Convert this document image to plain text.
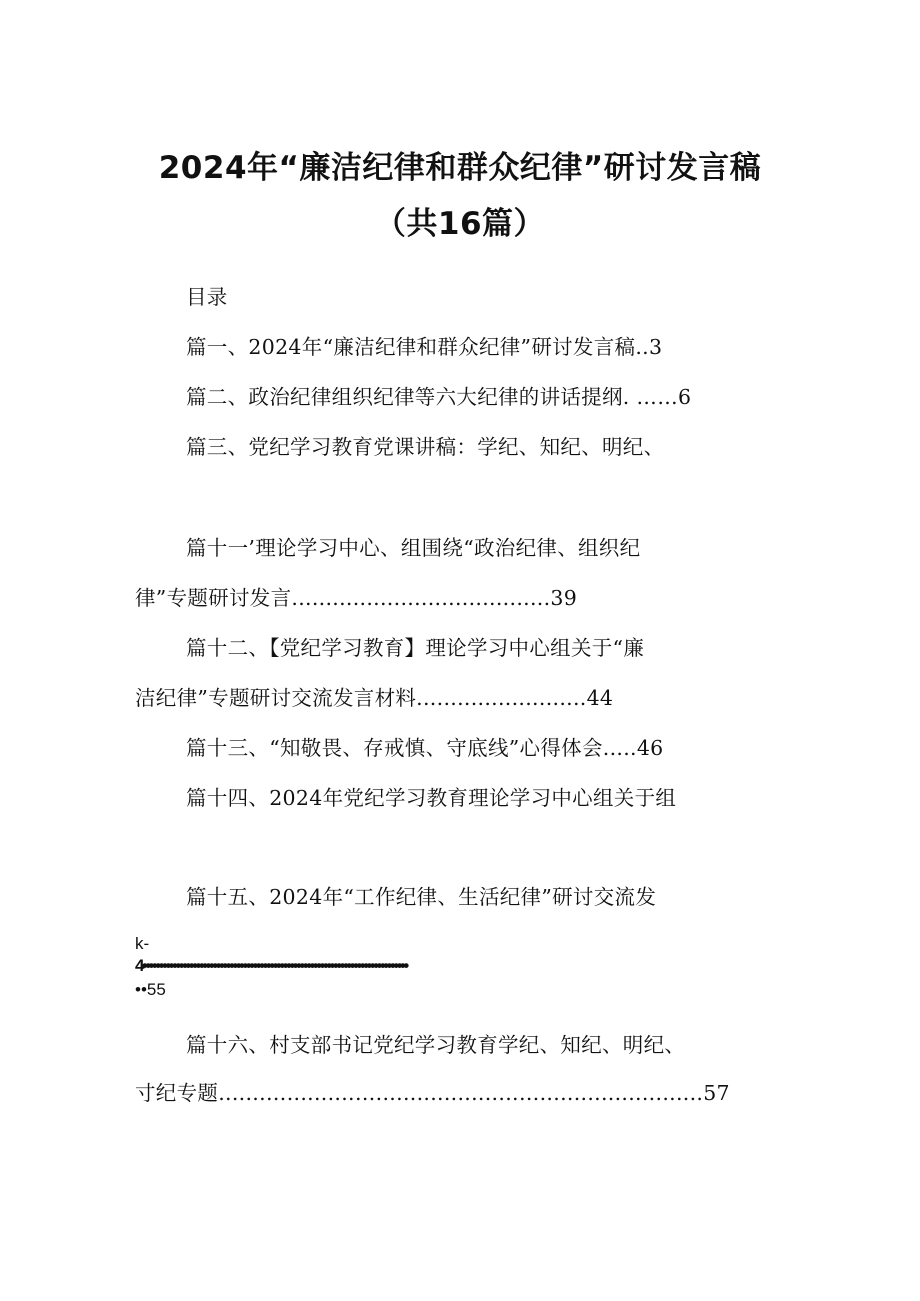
2024年“廉洁纪律和群众纪律”研讨发言稿
（共16篇）

目录

篇一、2024年“廉洁纪律和群众纪律”研讨发言稿..3

篇二、政治纪律组织纪律等六大纪律的讲话提纲. ……6

篇三、党纪学习教育党课讲稿：学纪、知纪、明纪、

篇十一’理论学习中心、组围绕“政治纪律、组织纪

律”专题研讨发言......................................39

篇十二、【党纪学习教育】理论学习中心组关于“廉

洁纪律”专题研讨交流发言材料.........................44

篇十三、“知敬畏、存戒慎、守底线”心得体会.....46

篇十四、2024年党纪学习教育理论学习中心组关于组

篇十五、2024年“工作纪律、生活纪律”研讨交流发

k-

4•••••••••••••••••••••••••••••••••••••••••••••••••••••••••••••••••••••••••••••••

••55

篇十六、村支部书记党纪学习教育学纪、知纪、明纪、

寸纪专题.......…..........….....................…........................57
